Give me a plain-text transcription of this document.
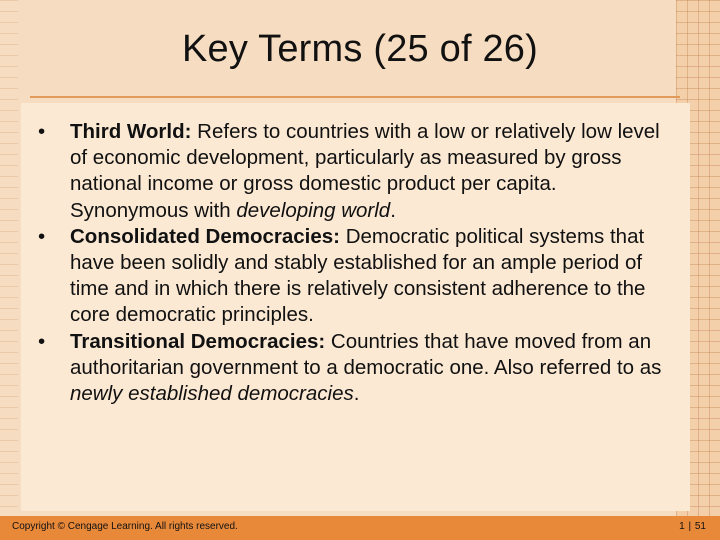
Key Terms (25 of 26)
• Third World: Refers to countries with a low or relatively low level of economic development, particularly as measured by gross national income or gross domestic product per capita. Synonymous with developing world.
• Consolidated Democracies: Democratic political systems that have been solidly and stably established for an ample period of time and in which there is relatively consistent adherence to the core democratic principles.
• Transitional Democracies: Countries that have moved from an authoritarian government to a democratic one. Also referred to as newly established democracies.
Copyright © Cengage Learning. All rights reserved.	1 | 51
